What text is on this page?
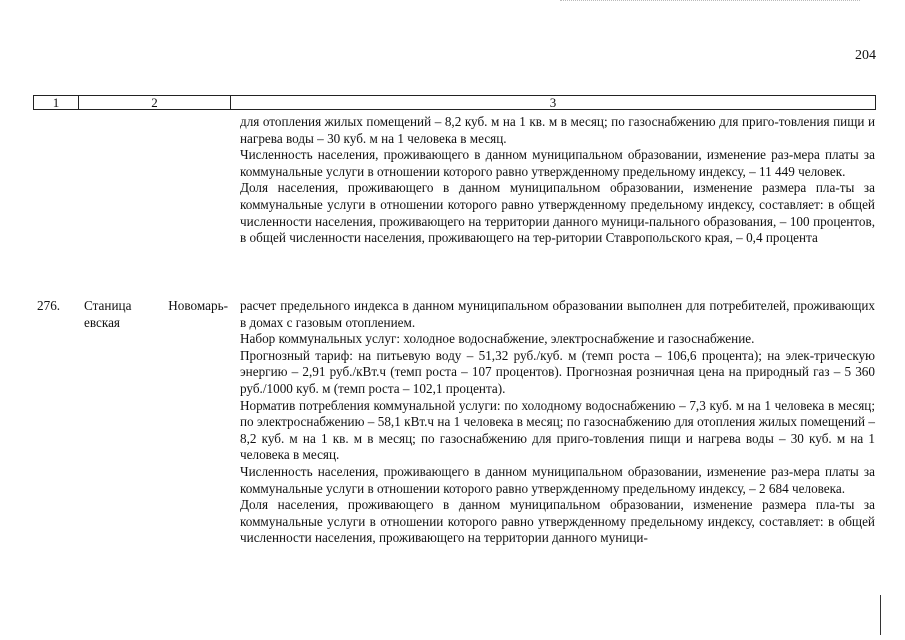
204
1	2	3

для отопления жилых помещений – 8,2 куб. м на 1 кв. м в месяц; по газоснабжению для приго-товления пищи и нагрева воды – 30 куб. м на 1 человека в месяц.

Численность населения, проживающего в данном муниципальном образовании, изменение раз-мера платы за коммунальные услуги в отношении которого равно утвержденному предельному индексу, – 11 449 человек.

Доля населения, проживающего в данном муниципальном образовании, изменение размера пла-ты за коммунальные услуги в отношении которого равно утвержденному предельному индексу, составляет: в общей численности населения, проживающего на территории данного муници-пального образования, – 100 процентов, в общей численности населения, проживающего на тер-ритории Ставропольского края, – 0,4 процента

276. Станица Новомарь-евская

расчет предельного индекса в данном муниципальном образовании выполнен для потребителей, проживающих в домах с газовым отоплением.

Набор коммунальных услуг: холодное водоснабжение, электроснабжение и газоснабжение.

Прогнозный тариф: на питьевую воду – 51,32 руб./куб. м (темп роста – 106,6 процента); на элек-трическую энергию – 2,91 руб./кВт.ч (темп роста – 107 процентов). Прогнозная розничная цена на природный газ – 5 360 руб./1000 куб. м (темп роста – 102,1 процента).

Норматив потребления коммунальной услуги: по холодному водоснабжению – 7,3 куб. м на 1 человека в месяц; по электроснабжению – 58,1 кВт.ч на 1 человека в месяц; по газоснабжению для отопления жилых помещений – 8,2 куб. м на 1 кв. м в месяц; по газоснабжению для приго-товления пищи и нагрева воды – 30 куб. м на 1 человека в месяц.

Численность населения, проживающего в данном муниципальном образовании, изменение раз-мера платы за коммунальные услуги в отношении которого равно утвержденному предельному индексу, – 2 684 человека.

Доля населения, проживающего в данном муниципальном образовании, изменение размера пла-ты за коммунальные услуги в отношении которого равно утвержденному предельному индексу, составляет: в общей численности населения, проживающего на территории данного муници-
